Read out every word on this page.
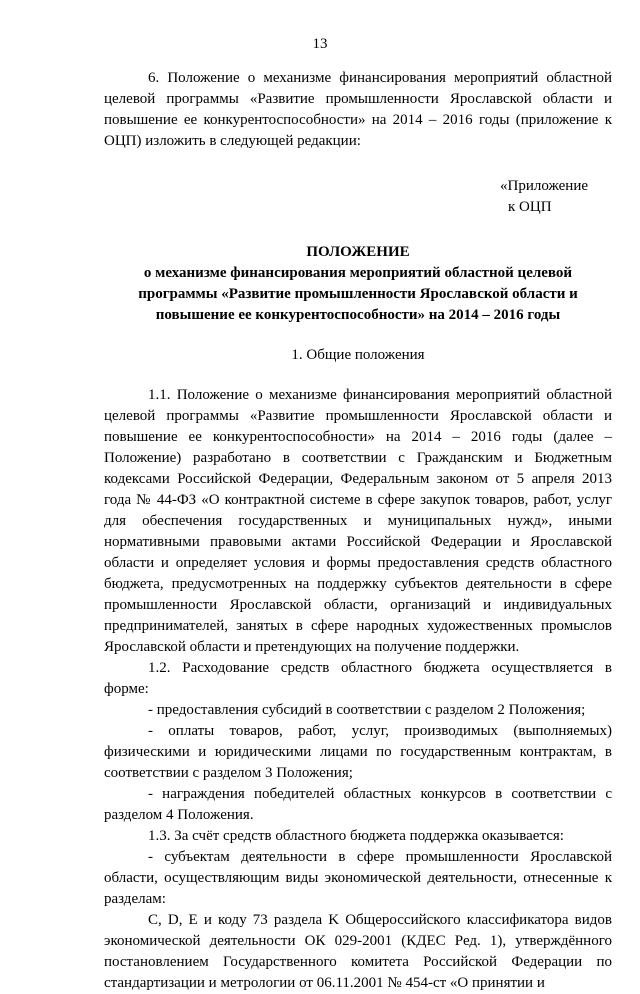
13

6. Положение о механизме финансирования мероприятий областной целевой программы «Развитие промышленности Ярославской области и повышение ее конкурентоспособности» на 2014 – 2016 годы (приложение к ОЦП) изложить в следующей редакции:

«Приложение
к ОЦП
ПОЛОЖЕНИЕ
о механизме финансирования мероприятий областной целевой программы «Развитие промышленности Ярославской области и повышение ее конкурентоспособности» на 2014 – 2016 годы
1. Общие положения

1.1. Положение о механизме финансирования мероприятий областной целевой программы «Развитие промышленности Ярославской области и повышение ее конкурентоспособности» на 2014 – 2016 годы (далее – Положение) разработано в соответствии с Гражданским и Бюджетным кодексами Российской Федерации, Федеральным законом от 5 апреля 2013 года № 44-ФЗ «О контрактной системе в сфере закупок товаров, работ, услуг для обеспечения государственных и муниципальных нужд», иными нормативными правовыми актами Российской Федерации и Ярославской области и определяет условия и формы предоставления средств областного бюджета, предусмотренных на поддержку субъектов деятельности в сфере промышленности Ярославской области, организаций и индивидуальных предпринимателей, занятых в сфере народных художественных промыслов Ярославской области и претендующих на получение поддержки.

1.2. Расходование средств областного бюджета осуществляется в форме:

- предоставления субсидий в соответствии с разделом 2 Положения;

- оплаты товаров, работ, услуг, производимых (выполняемых) физическими и юридическими лицами по государственным контрактам, в соответствии с разделом 3 Положения;

- награждения победителей областных конкурсов в соответствии с разделом 4 Положения.

1.3. За счёт средств областного бюджета поддержка оказывается:

- субъектам деятельности в сфере промышленности Ярославской области, осуществляющим виды экономической деятельности, отнесенные к разделам:

C, D, E и коду 73 раздела K Общероссийского классификатора видов экономической деятельности ОК 029-2001 (КДЕС Ред. 1), утверждённого постановлением Государственного комитета Российской Федерации по стандартизации и метрологии от 06.11.2001 № 454-ст «О принятии и
